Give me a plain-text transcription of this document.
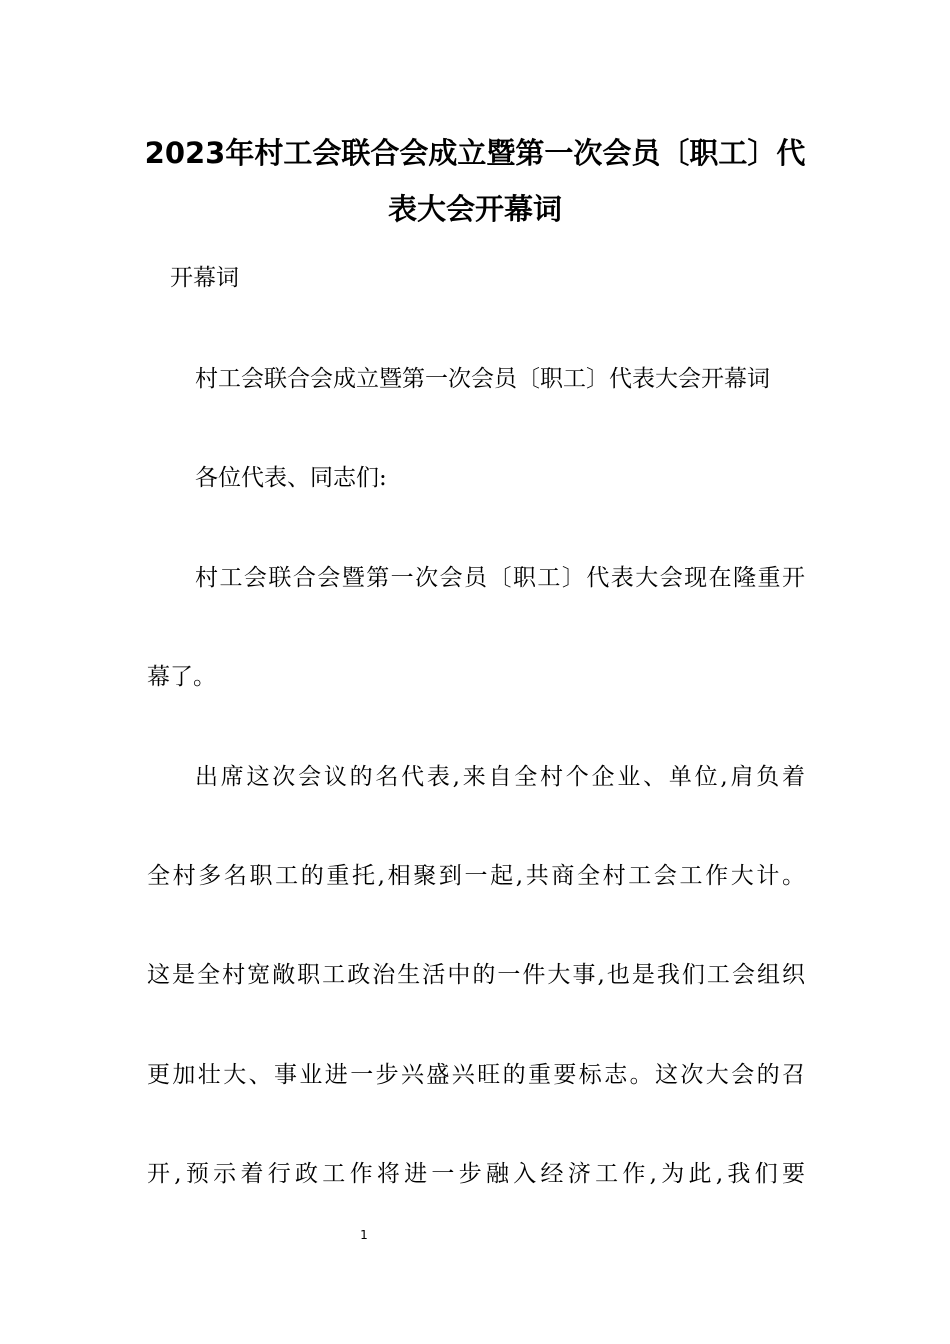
2023年村工会联合会成立暨第一次会员〔职工〕代
表大会开幕词
开幕词
村工会联合会成立暨第一次会员〔职工〕代表大会开幕词
各位代表、同志们:
村工会联合会暨第一次会员〔职工〕代表大会现在隆重开
幕了。
出席这次会议的名代表,来自全村个企业、单位,肩负着
全村多名职工的重托,相聚到一起,共商全村工会工作大计。
这是全村宽敞职工政治生活中的一件大事,也是我们工会组织
更加壮大、事业进一步兴盛兴旺的重要标志。这次大会的召
开,预示着行政工作将进一步融入经济工作,为此,我们要
1
